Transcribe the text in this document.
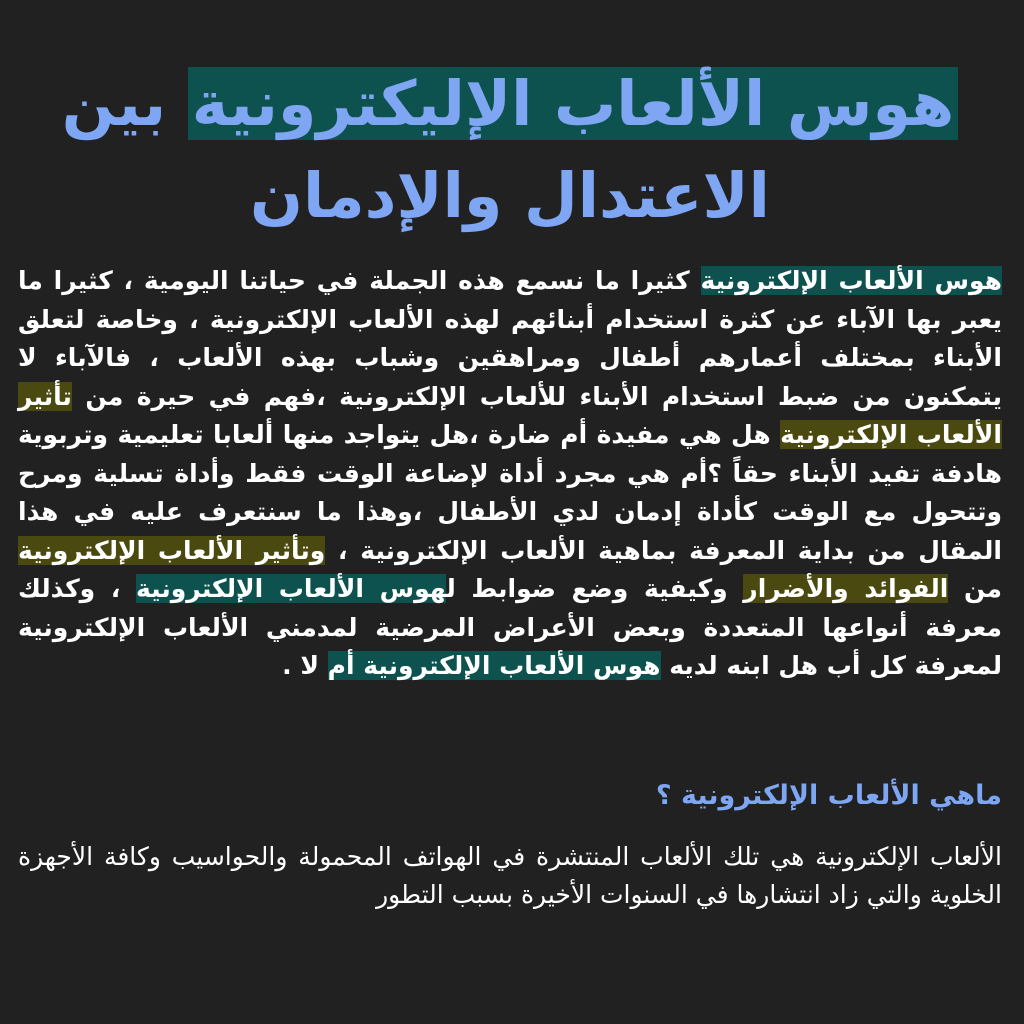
هوس الألعاب الإليكترونية بين
الاعتدال والإدمان

هوس الألعاب الإلكترونية كثيرا ما نسمع هذه الجملة في حياتنا اليومية ، كثيرا ما يعبر بها الآباء عن كثرة استخدام أبنائهم لهذه الألعاب الإلكترونية ، وخاصة لتعلق الأبناء بمختلف أعمارهم أطفال ومراهقين وشباب بهذه الألعاب ، فالآباء لا يتمكنون من ضبط استخدام الأبناء للألعاب الإلكترونية ،فهم في حيرة من تأثير الألعاب الإلكترونية هل هي مفيدة أم ضارة ،هل يتواجد منها ألعابا تعليمية وتربوية هادفة تفيد الأبناء حقاً ؟أم هي مجرد أداة لإضاعة الوقت فقط وأداة تسلية ومرح وتتحول مع الوقت كأداة إدمان لدي الأطفال ،وهذا ما سنتعرف عليه في هذا المقال من بداية المعرفة بماهية الألعاب الإلكترونية ، وتأثير الألعاب الإلكترونية من الفوائد والأضرار وكيفية وضع ضوابط لهوس الألعاب الإلكترونية ، وكذلك معرفة أنواعها المتعددة وبعض الأعراض المرضية لمدمني الألعاب الإلكترونية لمعرفة كل أب هل ابنه لديه هوس الألعاب الإلكترونية أم لا .

ماهي الألعاب الإلكترونية ؟

الألعاب الإلكترونية هي تلك الألعاب المنتشرة في الهواتف المحمولة والحواسيب وكافة الأجهزة الخلوية والتي زاد انتشارها في السنوات الأخيرة بسبب التطور
